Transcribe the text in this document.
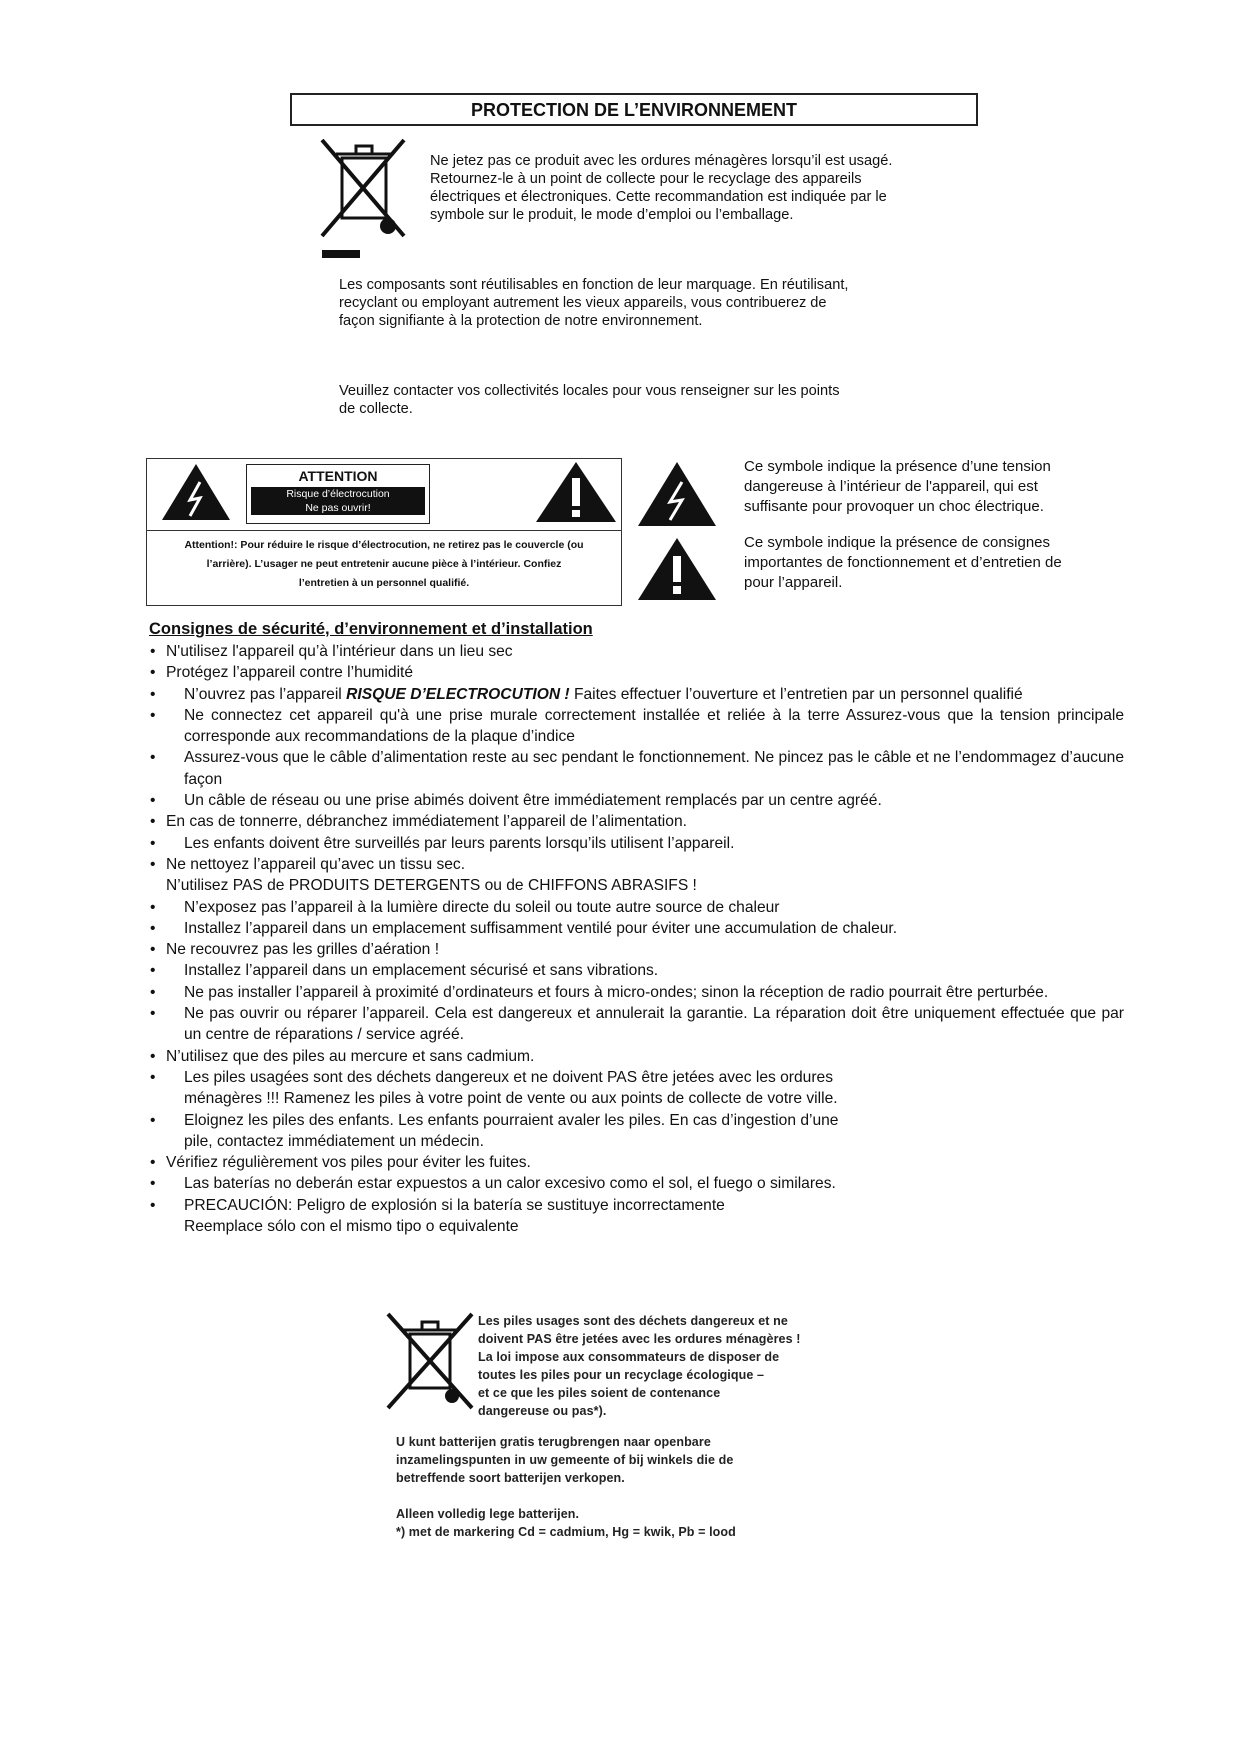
PROTECTION DE L’ENVIRONNEMENT
Ne jetez pas ce produit avec les ordures ménagères lorsqu’il est usagé.
Retournez-le à un point de collecte pour le recyclage des appareils
électriques et électroniques. Cette recommandation est indiquée par le
symbole sur le produit, le mode d’emploi ou l’emballage.
Les composants sont réutilisables en fonction de leur marquage. En réutilisant,
recyclant ou employant autrement les vieux appareils, vous contribuerez de
façon signifiante à la protection de notre environnement.
Veuillez contacter vos collectivités locales pour vous renseigner sur les points
de collecte.
ATTENTION
Risque d’électrocution
Ne pas ouvrir!
Attention!: Pour réduire le risque d’électrocution, ne retirez pas le couvercle (ou
l’arrière). L’usager ne peut entretenir aucune pièce à l’intérieur. Confiez
l’entretien à un personnel qualifié.
Ce symbole indique la présence d’une tension
dangereuse à l’intérieur de l'appareil, qui est
suffisante pour provoquer un choc électrique.
Ce symbole indique la présence de consignes
importantes de fonctionnement et d’entretien de
pour l’appareil.
Consignes de sécurité, d’environnement et d’installation
• N'utilisez l'appareil qu’à l’intérieur dans un lieu sec
• Protégez l’appareil contre l’humidité
• N’ouvrez pas l’appareil RISQUE D’ELECTROCUTION ! Faites effectuer l’ouverture et l’entretien par un personnel qualifié
• Ne connectez cet appareil qu'à une prise murale correctement installée et reliée à la terre Assurez-vous que la tension principale corresponde aux recommandations de la plaque d’indice
• Assurez-vous que le câble d’alimentation reste au sec pendant le fonctionnement. Ne pincez pas le câble et ne l’endommagez d’aucune façon
• Un câble de réseau ou une prise abimés doivent être immédiatement remplacés par un centre agréé.
• En cas de tonnerre, débranchez immédiatement l’appareil de l’alimentation.
• Les enfants doivent être surveillés par leurs parents lorsqu’ils utilisent l’appareil.
• Ne nettoyez l’appareil qu’avec un tissu sec.
N’utilisez PAS de PRODUITS DETERGENTS ou de CHIFFONS ABRASIFS !
• N’exposez pas l’appareil à la lumière directe du soleil ou toute autre source de chaleur
• Installez l’appareil dans un emplacement suffisamment ventilé pour éviter une accumulation de chaleur.
• Ne recouvrez pas les grilles d’aération !
• Installez l’appareil dans un emplacement sécurisé et sans vibrations.
• Ne pas installer l’appareil à proximité d’ordinateurs et fours à micro-ondes; sinon la réception de radio pourrait être perturbée.
• Ne pas ouvrir ou réparer l’appareil. Cela est dangereux et annulerait la garantie. La réparation doit être uniquement effectuée que par un centre de réparations / service agréé.
• N’utilisez que des piles au mercure et sans cadmium.
• Les piles usagées sont des déchets dangereux et ne doivent PAS être jetées avec les ordures
ménagères !!! Ramenez les piles à votre point de vente ou aux points de collecte de votre ville.
• Eloignez les piles des enfants. Les enfants pourraient avaler les piles. En cas d’ingestion d’une
pile, contactez immédiatement un médecin.
• Vérifiez régulièrement vos piles pour éviter les fuites.
• Las baterías no deberán estar expuestos a un calor excesivo como el sol, el fuego o similares.
• PRECAUCIÓN: Peligro de explosión si la batería se sustituye incorrectamente
Reemplace sólo con el mismo tipo o equivalente
Les piles usages sont des déchets dangereux et ne
doivent PAS être jetées avec les ordures ménagères !
La loi impose aux consommateurs de disposer de
toutes les piles pour un recyclage écologique –
et ce que les piles soient de contenance
dangereuse ou pas*).
U kunt batterijen gratis terugbrengen naar openbare
inzamelingspunten in uw gemeente of bij winkels die de
betreffende soort batterijen verkopen.
Alleen volledig lege batterijen.
*) met de markering Cd = cadmium, Hg = kwik, Pb = lood
